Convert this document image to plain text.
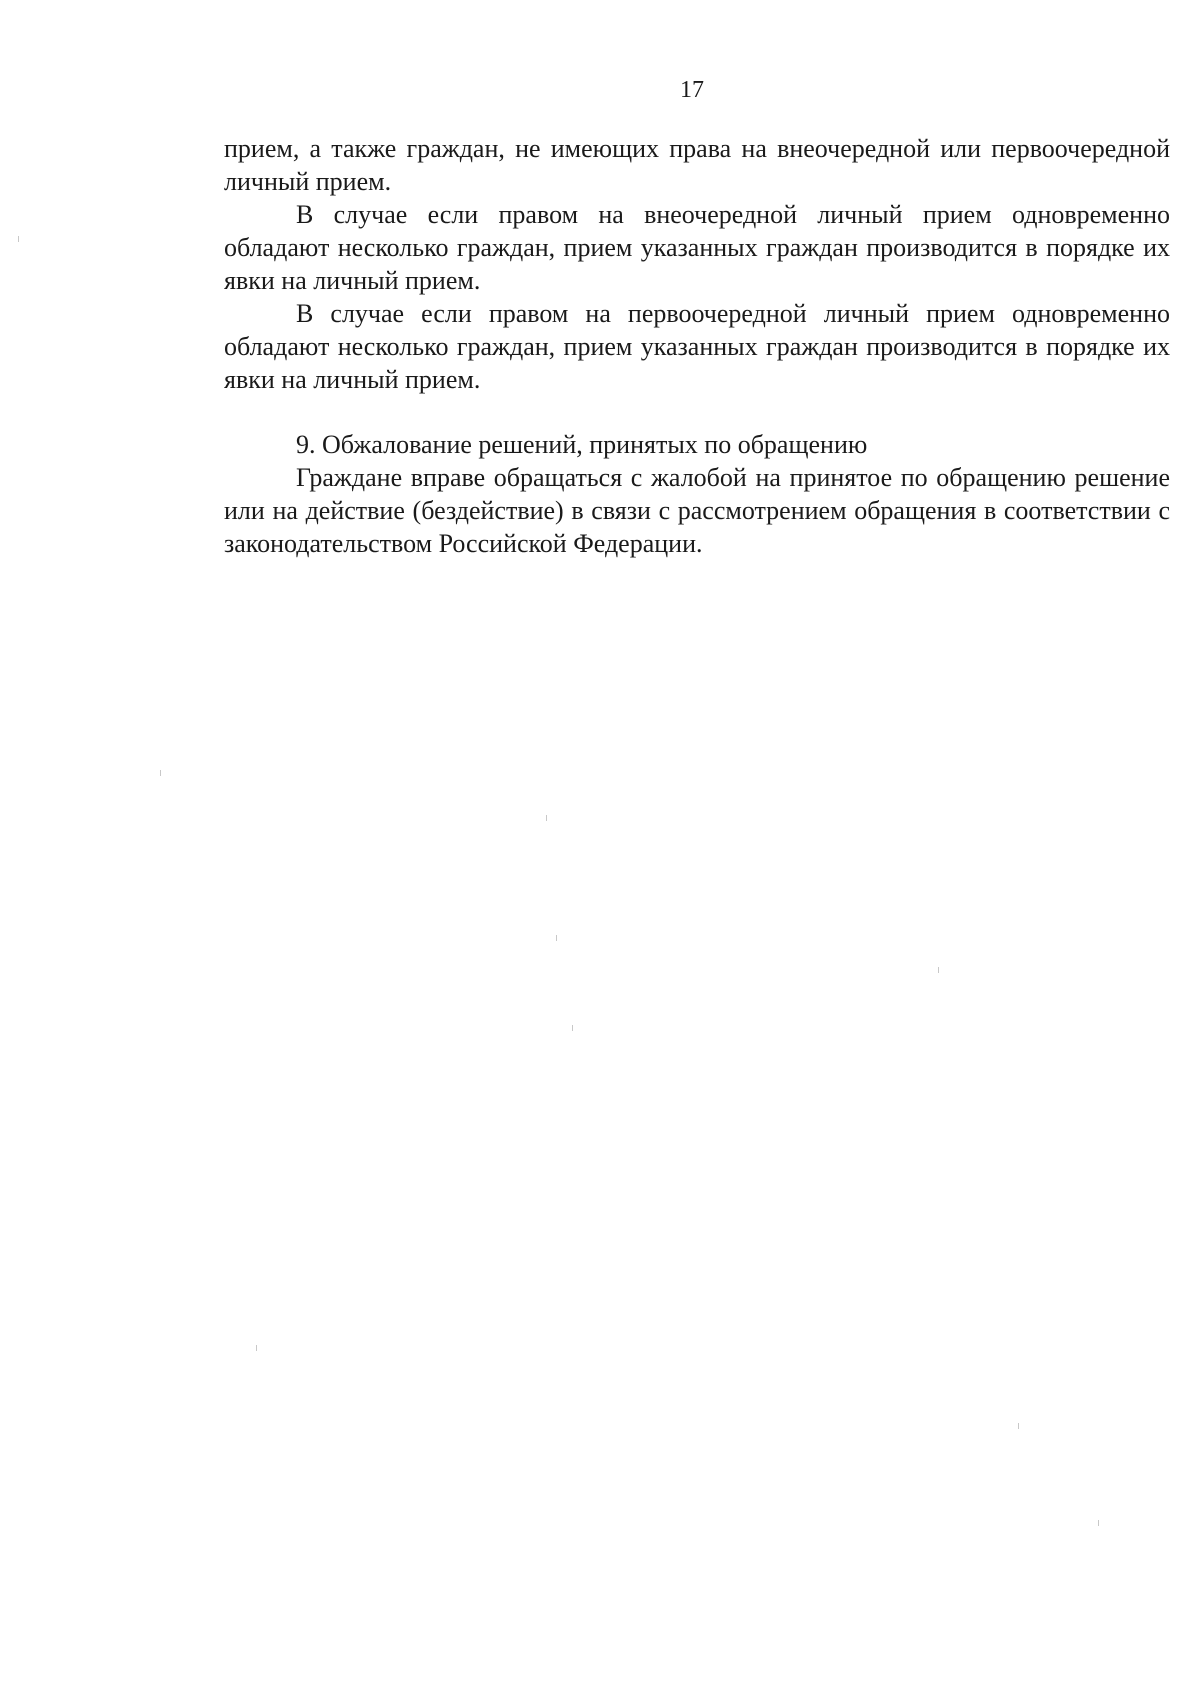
17

прием, а также граждан, не имеющих права на внеочередной или первоочередной личный прием.

В случае если правом на внеочередной личный прием одновременно обладают несколько граждан, прием указанных граждан производится в порядке их явки на личный прием.

В случае если правом на первоочередной личный прием одновременно обладают несколько граждан, прием указанных граждан производится в порядке их явки на личный прием.

9. Обжалование решений, принятых по обращению

Граждане вправе обращаться с жалобой на принятое по обращению решение или на действие (бездействие) в связи с рассмотрением обращения в соответствии с законодательством Российской Федерации.
